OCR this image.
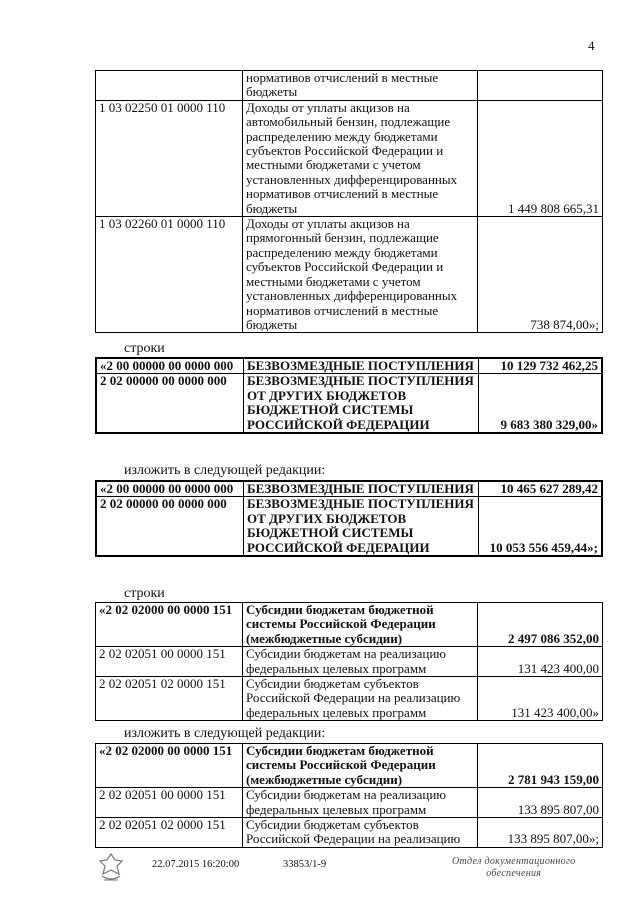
4
	нормативов отчислений в местные бюджеты	
1 03 02250 01 0000 110	Доходы от уплаты акцизов на автомобильный бензин, подлежащие распределению между бюджетами субъектов Российской Федерации и местными бюджетами с учетом установленных дифференцированных нормативов отчислений в местные бюджеты	1 449 808 665,31
1 03 02260 01 0000 110	Доходы от уплаты акцизов на прямогонный бензин, подлежащие распределению между бюджетами субъектов Российской Федерации и местными бюджетами с учетом установленных дифференцированных нормативов отчислений в местные бюджеты	738 874,00»;
строки
«2 00 00000 00 0000 000	БЕЗВОЗМЕЗДНЫЕ ПОСТУПЛЕНИЯ	10 129 732 462,25
2 02 00000 00 0000 000	БЕЗВОЗМЕЗДНЫЕ ПОСТУПЛЕНИЯ ОТ ДРУГИХ БЮДЖЕТОВ БЮДЖЕТНОЙ СИСТЕМЫ РОССИЙСКОЙ ФЕДЕРАЦИИ	9 683 380 329,00»
изложить в следующей редакции:
«2 00 00000 00 0000 000	БЕЗВОЗМЕЗДНЫЕ ПОСТУПЛЕНИЯ	10 465 627 289,42
2 02 00000 00 0000 000	БЕЗВОЗМЕЗДНЫЕ ПОСТУПЛЕНИЯ ОТ ДРУГИХ БЮДЖЕТОВ БЮДЖЕТНОЙ СИСТЕМЫ РОССИЙСКОЙ ФЕДЕРАЦИИ	10 053 556 459,44»;
строки
«2 02 02000 00 0000 151	Субсидии бюджетам бюджетной системы Российской Федерации (межбюджетные субсидии)	2 497 086 352,00
2 02 02051 00 0000 151	Субсидии бюджетам на реализацию федеральных целевых программ	131 423 400,00
2 02 02051 02 0000 151	Субсидии бюджетам субъектов Российской Федерации на реализацию федеральных целевых программ	131 423 400,00»
изложить в следующей редакции:
«2 02 02000 00 0000 151	Субсидии бюджетам бюджетной системы Российской Федерации (межбюджетные субсидии)	2 781 943 159,00
2 02 02051 00 0000 151	Субсидии бюджетам на реализацию федеральных целевых программ	133 895 807,00
2 02 02051 02 0000 151	Субсидии бюджетам субъектов Российской Федерации на реализацию	133 895 807,00»;
22.07.2015 16:20:00	33853/1-9	Отдел документационного
обеспечения
